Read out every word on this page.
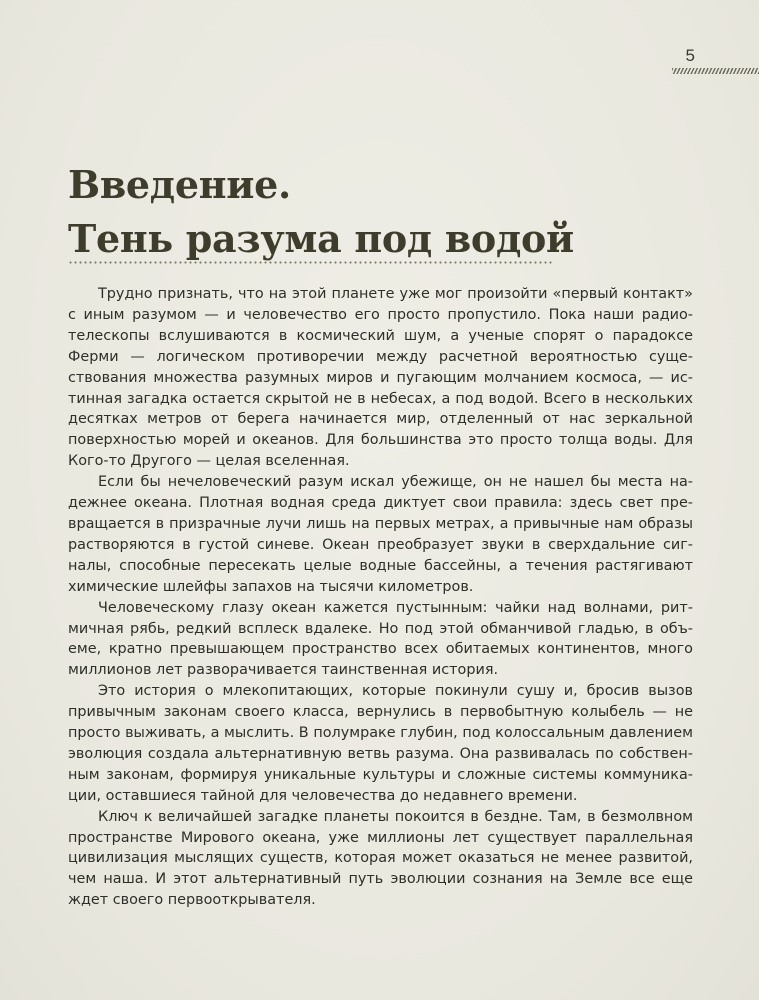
5
Введение.
Тень разума под водой

Трудно признать, что на этой планете уже мог произойти «первый контакт» с иным разумом — и человечество его просто пропустило. Пока наши радиотелескопы вслушиваются в космический шум, а ученые спорят о парадоксе Ферми — логическом противоречии между расчетной вероятностью существования множества разумных миров и пугающим молчанием космоса, — истинная загадка остается скрытой не в небесах, а под водой. Всего в нескольких десятках метров от берега начинается мир, отделенный от нас зеркальной поверхностью морей и океанов. Для большинства это просто толща воды. Для Кого-то Другого — целая вселенная.

Если бы нечеловеческий разум искал убежище, он не нашел бы места надежнее океана. Плотная водная среда диктует свои правила: здесь свет превращается в призрачные лучи лишь на первых метрах, а привычные нам образы растворяются в густой синеве. Океан преобразует звуки в сверхдальние сигналы, способные пересекать целые водные бассейны, а течения растягивают химические шлейфы запахов на тысячи километров.

Человеческому глазу океан кажется пустынным: чайки над волнами, ритмичная рябь, редкий всплеск вдалеке. Но под этой обманчивой гладью, в объеме, кратно превышающем пространство всех обитаемых континентов, много миллионов лет разворачивается таинственная история.

Это история о млекопитающих, которые покинули сушу и, бросив вызов привычным законам своего класса, вернулись в первобытную колыбель — не просто выживать, а мыслить. В полумраке глубин, под колоссальным давлением эволюция создала альтернативную ветвь разума. Она развивалась по собственным законам, формируя уникальные культуры и сложные системы коммуникации, оставшиеся тайной для человечества до недавнего времени.

Ключ к величайшей загадке планеты покоится в бездне. Там, в безмолвном пространстве Мирового океана, уже миллионы лет существует параллельная цивилизация мыслящих существ, которая может оказаться не менее развитой, чем наша. И этот альтернативный путь эволюции сознания на Земле все еще ждет своего первооткрывателя.
